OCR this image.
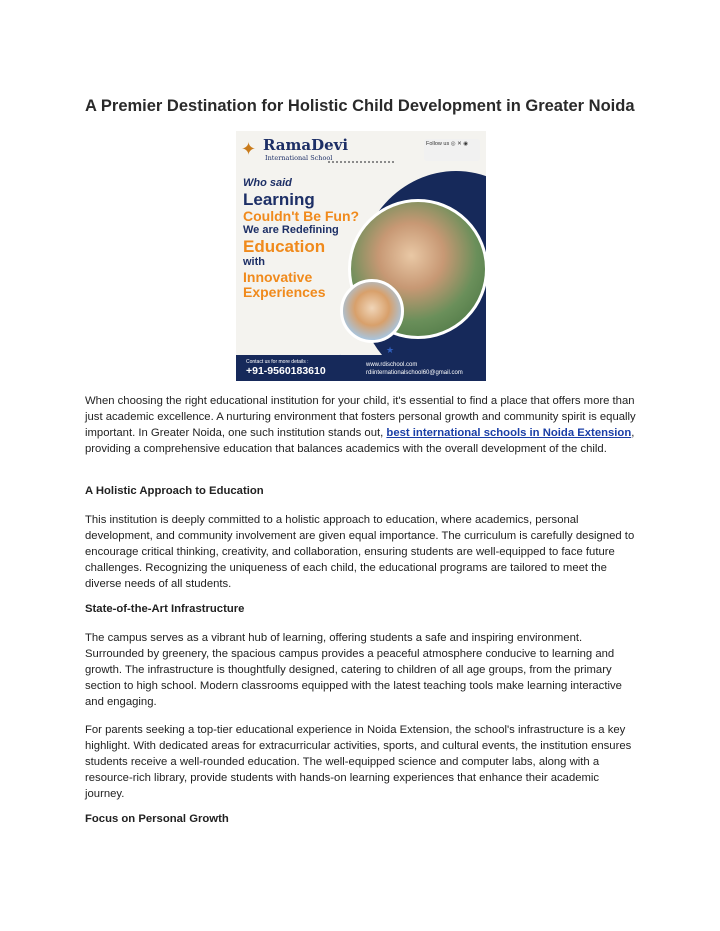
A Premier Destination for Holistic Child Development in Greater Noida
✦ RamaDevi
International School
Follow us ◎ ✕ ◉
Who said
Learning
Couldn't Be Fun?
We are Redefining
Education
with
Innovative
Experiences
★
Contact us for more details :
+91-9560183610	www.rdischool.com
rdiinternationalschool60@gmail.com

When choosing the right educational institution for your child, it's essential to find a place that offers more than just academic excellence. A nurturing environment that fosters personal growth and community spirit is equally important. In Greater Noida, one such institution stands out, best international schools in Noida Extension, providing a comprehensive education that balances academics with the overall development of the child.

A Holistic Approach to Education

This institution is deeply committed to a holistic approach to education, where academics, personal development, and community involvement are given equal importance. The curriculum is carefully designed to encourage critical thinking, creativity, and collaboration, ensuring students are well-equipped to face future challenges. Recognizing the uniqueness of each child, the educational programs are tailored to meet the diverse needs of all students.

State-of-the-Art Infrastructure

The campus serves as a vibrant hub of learning, offering students a safe and inspiring environment. Surrounded by greenery, the spacious campus provides a peaceful atmosphere conducive to learning and growth. The infrastructure is thoughtfully designed, catering to children of all age groups, from the primary section to high school. Modern classrooms equipped with the latest teaching tools make learning interactive and engaging.

For parents seeking a top-tier educational experience in Noida Extension, the school's infrastructure is a key highlight. With dedicated areas for extracurricular activities, sports, and cultural events, the institution ensures students receive a well-rounded education. The well-equipped science and computer labs, along with a resource-rich library, provide students with hands-on learning experiences that enhance their academic journey.

Focus on Personal Growth
